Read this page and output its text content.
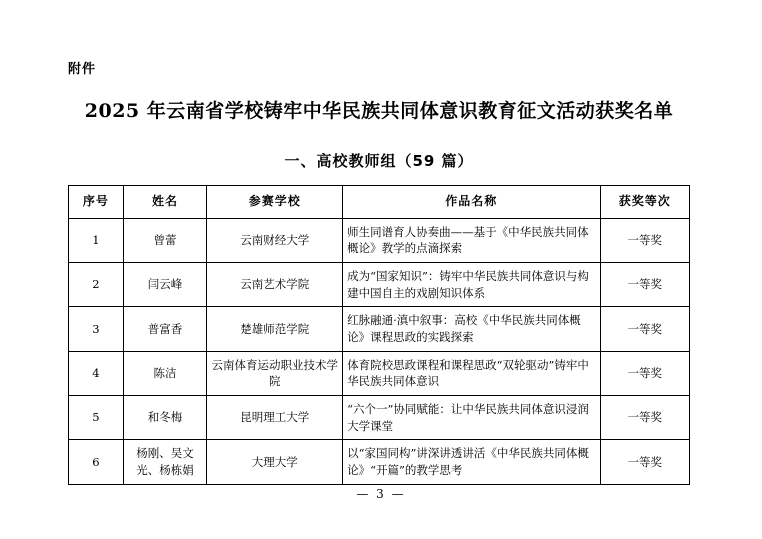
附件
2025 年云南省学校铸牢中华民族共同体意识教育征文活动获奖名单
一、高校教师组（59 篇）
序号	姓名	参赛学校	作品名称	获奖等次
1	曾蕾	云南财经大学	师生同谱育人协奏曲——基于《中华民族共同体概论》教学的点滴探索	一等奖
2	闫云峰	云南艺术学院	成为“国家知识”：铸牢中华民族共同体意识与构建中国自主的戏剧知识体系	一等奖
3	普富香	楚雄师范学院	红脉融通·滇中叙事：高校《中华民族共同体概论》课程思政的实践探索	一等奖
4	陈洁	云南体育运动职业技术学院	体育院校思政课程和课程思政“双轮驱动”铸牢中华民族共同体意识	一等奖
5	和冬梅	昆明理工大学	“六个一”协同赋能：让中华民族共同体意识浸润大学课堂	一等奖
6	杨刚、吴文光、杨栋娟	大理大学	以“家国同构”讲深讲透讲活《中华民族共同体概论》“开篇”的教学思考	一等奖
— 3 —
